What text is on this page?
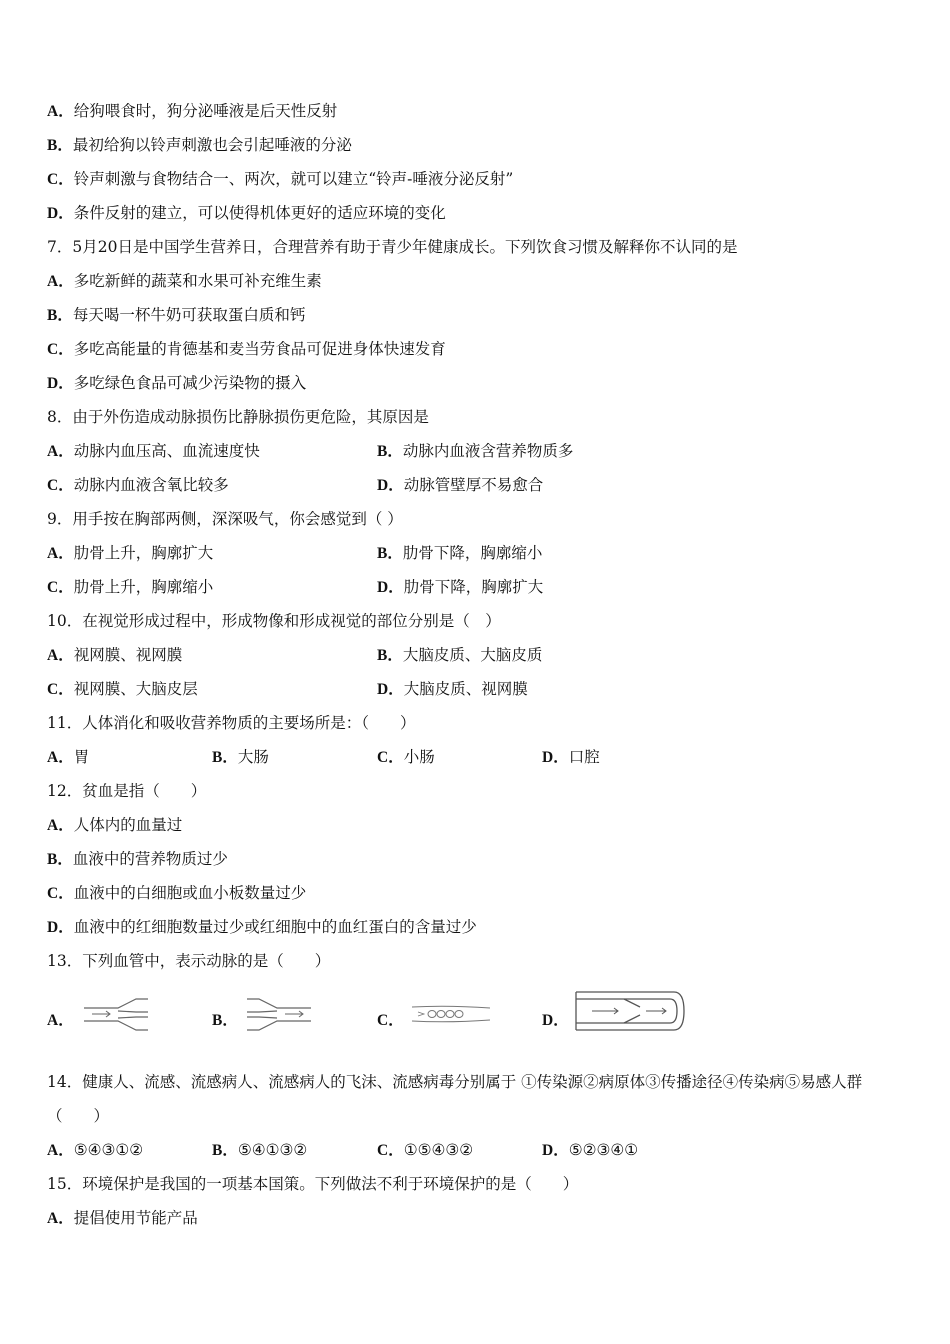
A．给狗喂食时，狗分泌唾液是后天性反射
B．最初给狗以铃声刺激也会引起唾液的分泌
C．铃声刺激与食物结合一、两次，就可以建立“铃声-唾液分泌反射”
D．条件反射的建立，可以使得机体更好的适应环境的变化
7．5月20日是中国学生营养日，合理营养有助于青少年健康成长。下列饮食习惯及解释你不认同的是
A．多吃新鲜的蔬菜和水果可补充维生素
B．每天喝一杯牛奶可获取蛋白质和钙
C．多吃高能量的肯德基和麦当劳食品可促进身体快速发育
D．多吃绿色食品可减少污染物的摄入
8．由于外伤造成动脉损伤比静脉损伤更危险，其原因是
A．动脉内血压高、血流速度快	B．动脉内血液含营养物质多
C．动脉内血液含氧比较多	D．动脉管壁厚不易愈合
9．用手按在胸部两侧，深深吸气，你会感觉到（ ）
A．肋骨上升，胸廓扩大	B．肋骨下降，胸廓缩小
C．肋骨上升，胸廓缩小	D．肋骨下降，胸廓扩大
10．在视觉形成过程中，形成物像和形成视觉的部位分别是（　）
A．视网膜、视网膜	B．大脑皮质、大脑皮质
C．视网膜、大脑皮层	D．大脑皮质、视网膜
11．人体消化和吸收营养物质的主要场所是：（　　）
A．胃	B．大肠	C．小肠	D．口腔
12．贫血是指（　　）
A．人体内的血量过
B．血液中的营养物质过少
C．血液中的白细胞或血小板数量过少
D．血液中的红细胞数量过少或红细胞中的血红蛋白的含量过少
13．下列血管中，表示动脉的是（　　）
A．	B．	C．	D．
14．健康人、流感、流感病人、流感病人的飞沫、流感病毒分别属于 ①传染源②病原体③传播途径④传染病⑤易感人群
（　　）
A．⑤④③①②	B．⑤④①③②	C．①⑤④③②	D．⑤②③④①
15．环境保护是我国的一项基本国策。下列做法不利于环境保护的是（　　）
A．提倡使用节能产品
